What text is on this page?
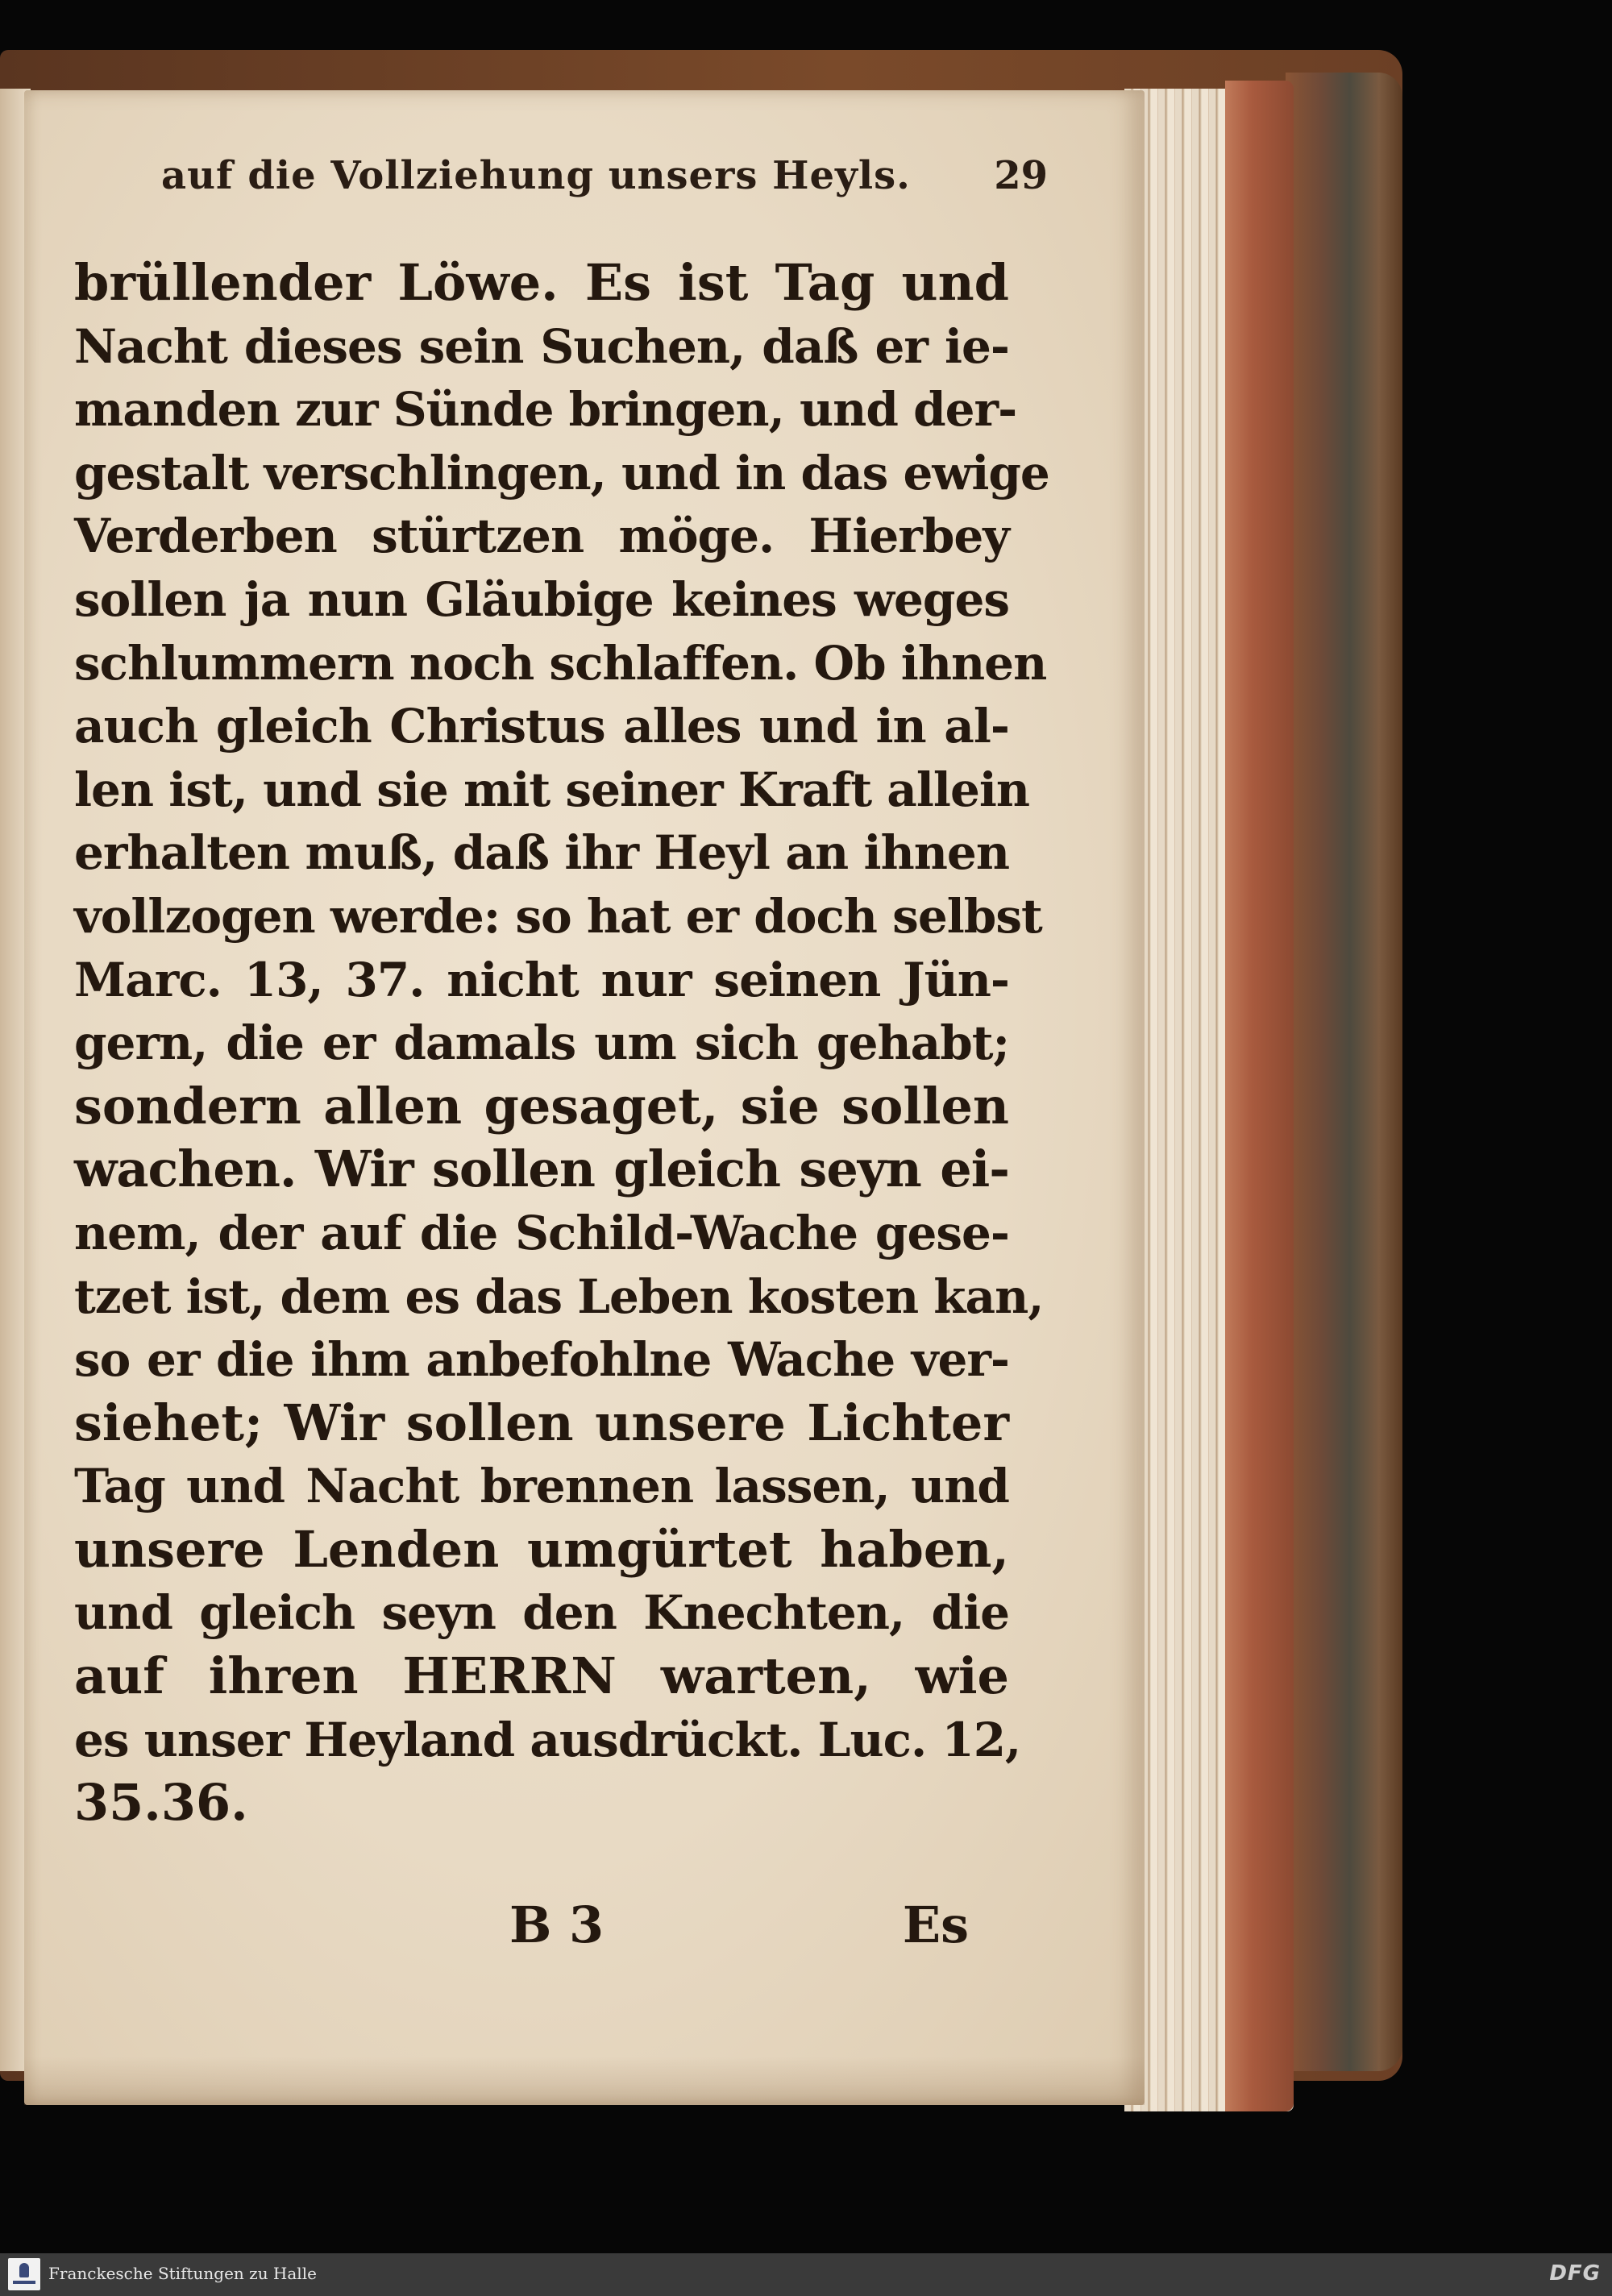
auf die Vollziehung unsers Heyls. 29
brüllender Löwe. Es ist Tag und
Nacht dieses sein Suchen, daß er ie-
manden zur Sünde bringen, und der-
gestalt verschlingen, und in das ewige
Verderben stürtzen möge. Hierbey
sollen ja nun Gläubige keines weges
schlummern noch schlaffen. Ob ihnen
auch gleich Christus alles und in al-
len ist, und sie mit seiner Kraft allein
erhalten muß, daß ihr Heyl an ihnen
vollzogen werde: so hat er doch selbst
Marc. 13, 37. nicht nur seinen Jün-
gern, die er damals um sich gehabt;
sondern allen gesaget, sie sollen
wachen. Wir sollen gleich seyn ei-
nem, der auf die Schild-Wache gese-
tzet ist, dem es das Leben kosten kan,
so er die ihm anbefohlne Wache ver-
siehet; Wir sollen unsere Lichter
Tag und Nacht brennen lassen, und
unsere Lenden umgürtet haben,
und gleich seyn den Knechten, die
auf ihren HERRN warten, wie
es unser Heyland ausdrückt. Luc. 12,
35.36.
B 3	Es
Franckesche Stiftungen zu Halle	DFG
